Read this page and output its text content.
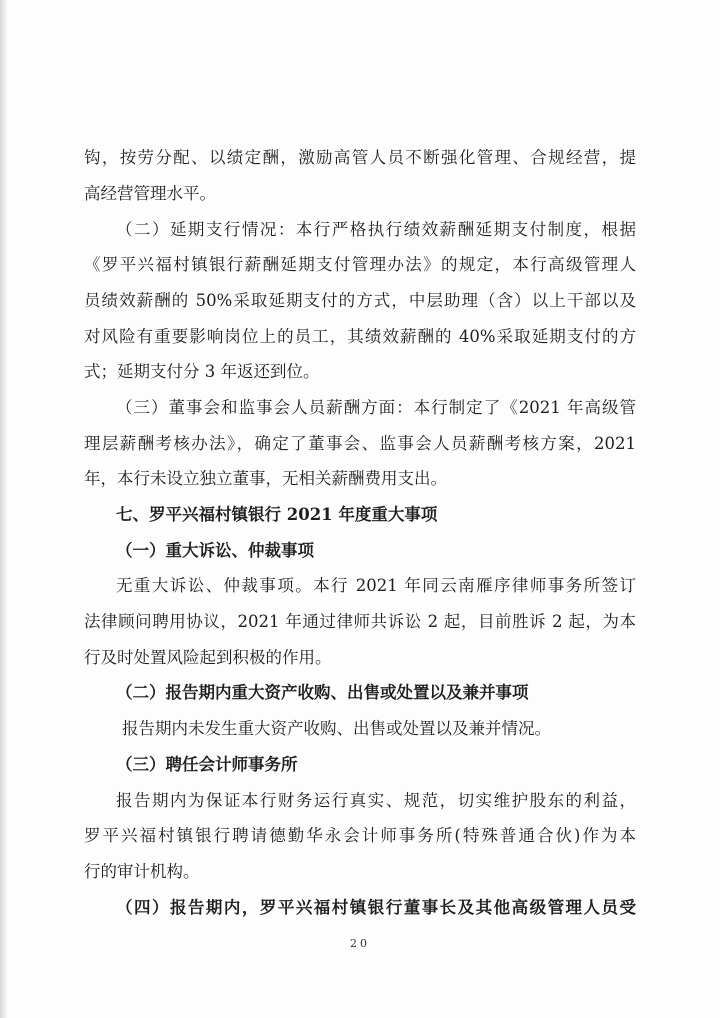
钩，按劳分配、以绩定酬，激励高管人员不断强化管理、合规经营，提
高经营管理水平。
（二）延期支行情况：本行严格执行绩效薪酬延期支付制度，根据
《罗平兴福村镇银行薪酬延期支付管理办法》的规定，本行高级管理人
员绩效薪酬的 50%采取延期支付的方式，中层助理（含）以上干部以及
对风险有重要影响岗位上的员工，其绩效薪酬的 40%采取延期支付的方
式；延期支付分 3 年返还到位。
（三）董事会和监事会人员薪酬方面：本行制定了《2021 年高级管
理层薪酬考核办法》，确定了董事会、监事会人员薪酬考核方案，2021
年，本行未设立独立董事，无相关薪酬费用支出。
七、罗平兴福村镇银行 2021 年度重大事项
（一）重大诉讼、仲裁事项
无重大诉讼、仲裁事项。本行 2021 年同云南雁序律师事务所签订
法律顾问聘用协议，2021 年通过律师共诉讼 2 起，目前胜诉 2 起，为本
行及时处置风险起到积极的作用。
（二）报告期内重大资产收购、出售或处置以及兼并事项
报告期内未发生重大资产收购、出售或处置以及兼并情况。
（三）聘任会计师事务所
报告期内为保证本行财务运行真实、规范，切实维护股东的利益，
罗平兴福村镇银行聘请德勤华永会计师事务所(特殊普通合伙)作为本
行的审计机构。
（四）报告期内，罗平兴福村镇银行董事长及其他高级管理人员受
20
